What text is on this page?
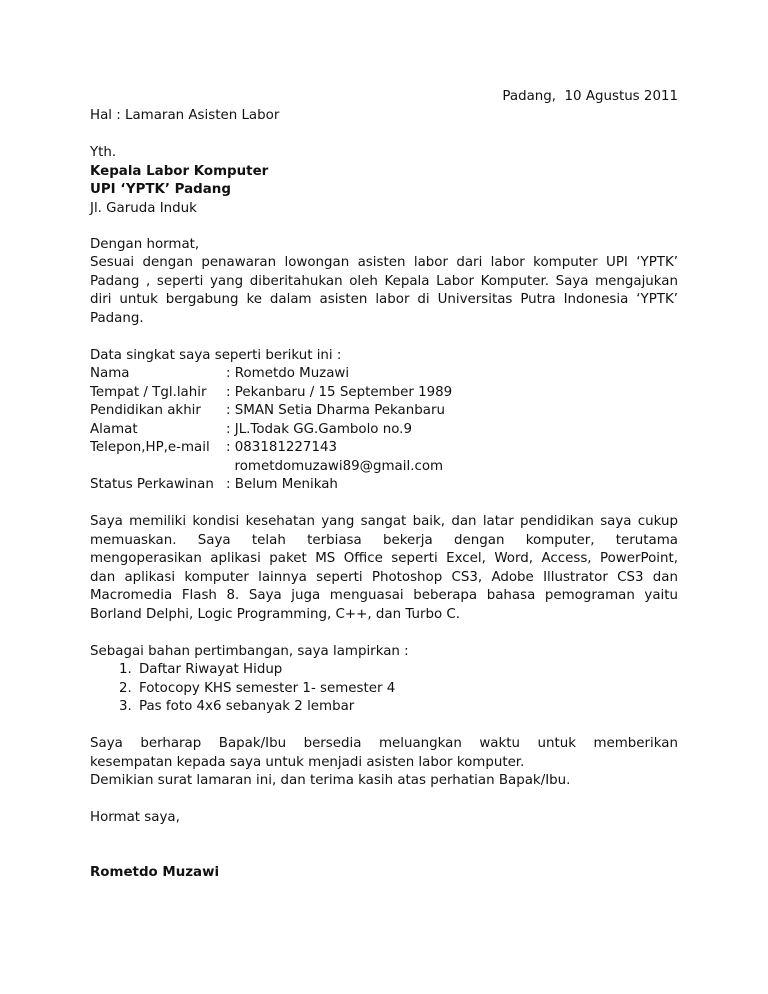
Padang,  10 Agustus 2011
Hal : Lamaran Asisten Labor
Yth.
Kepala Labor Komputer
UPI ‘YPTK’ Padang
Jl. Garuda Induk
Dengan hormat,
Sesuai dengan penawaran lowongan asisten labor dari labor komputer UPI ‘YPTK’
Padang , seperti yang diberitahukan oleh Kepala Labor Komputer. Saya mengajukan
diri untuk bergabung ke dalam asisten labor di Universitas Putra Indonesia ‘YPTK’
Padang.
Data singkat saya seperti berikut ini :
Nama	: Rometdo Muzawi
Tempat / Tgl.lahir	: Pekanbaru / 15 September 1989
Pendidikan akhir	: SMAN Setia Dharma Pekanbaru
Alamat	: JL.Todak GG.Gambolo no.9
Telepon,HP,e-mail	: 083181227143
rometdomuzawi89@gmail.com
Status Perkawinan : Belum Menikah
Saya memiliki kondisi kesehatan yang sangat baik, dan latar pendidikan saya cukup
memuaskan. Saya telah terbiasa bekerja dengan komputer, terutama
mengoperasikan aplikasi paket MS Office seperti Excel, Word, Access, PowerPoint,
dan aplikasi komputer lainnya seperti Photoshop CS3, Adobe Illustrator CS3 dan
Macromedia Flash 8. Saya juga menguasai beberapa bahasa pemograman yaitu
Borland Delphi, Logic Programming, C++, dan Turbo C.
Sebagai bahan pertimbangan, saya lampirkan :
1. Daftar Riwayat Hidup
2. Fotocopy KHS semester 1- semester 4
3. Pas foto 4x6 sebanyak 2 lembar
Saya berharap Bapak/Ibu bersedia meluangkan waktu untuk memberikan
kesempatan kepada saya untuk menjadi asisten labor komputer.
Demikian surat lamaran ini, dan terima kasih atas perhatian Bapak/Ibu.
Hormat saya,
Rometdo Muzawi
